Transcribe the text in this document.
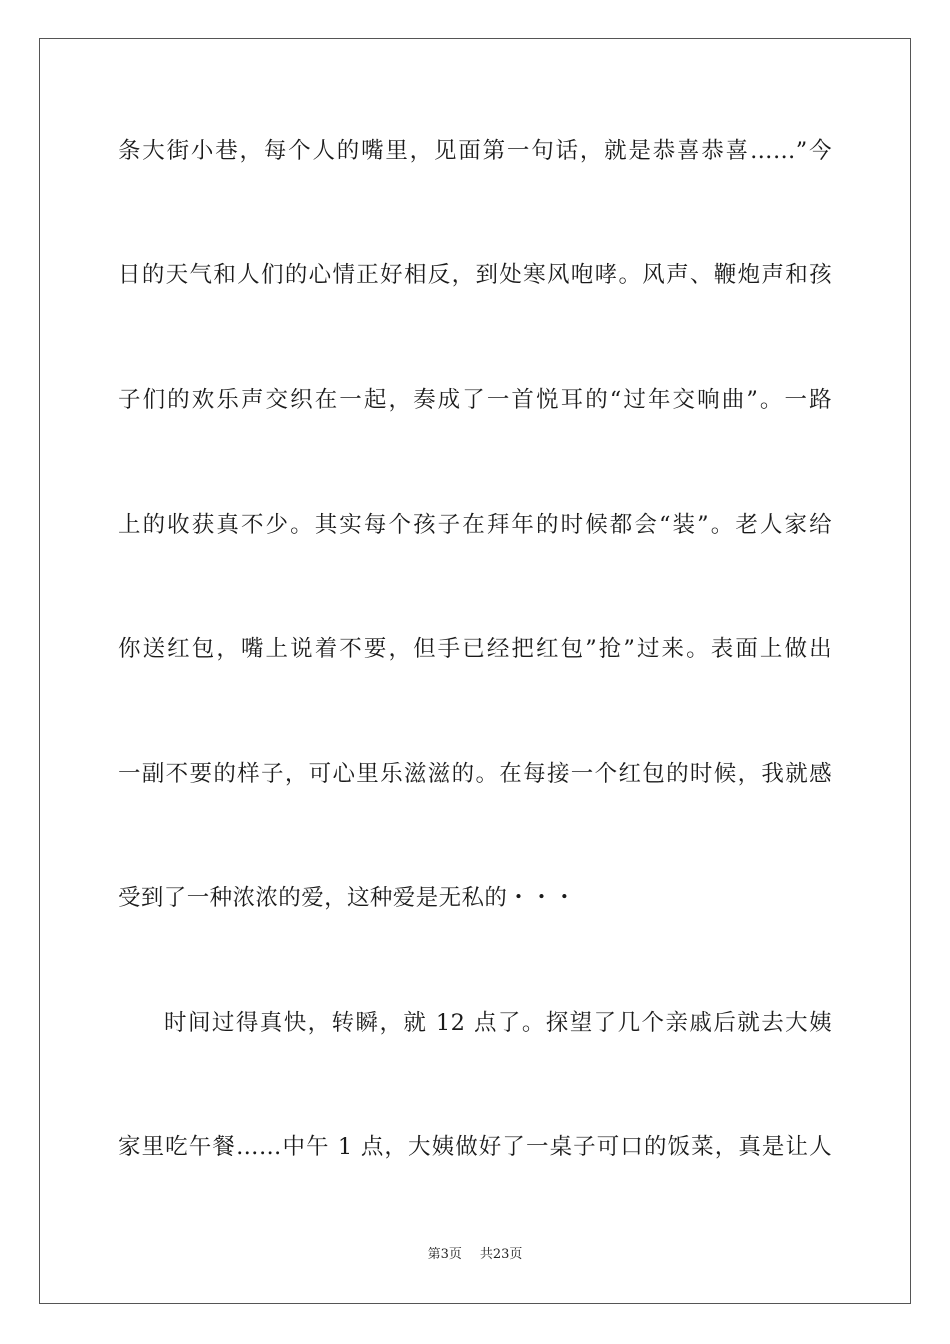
条大街小巷，每个人的嘴里，见面第一句话，就是恭喜恭喜……”今
日的天气和人们的心情正好相反，到处寒风咆哮。风声、鞭炮声和孩
子们的欢乐声交织在一起，奏成了一首悦耳的“过年交响曲”。一路
上的收获真不少。其实每个孩子在拜年的时候都会“装”。老人家给
你送红包，嘴上说着不要，但手已经把红包”抢”过来。表面上做出
一副不要的样子，可心里乐滋滋的。在每接一个红包的时候，我就感
受到了一种浓浓的爱，这种爱是无私的・・・
时间过得真快，转瞬，就 12 点了。探望了几个亲戚后就去大姨
家里吃午餐……中午 1 点，大姨做好了一桌子可口的饭菜，真是让人
第3页 共23页
